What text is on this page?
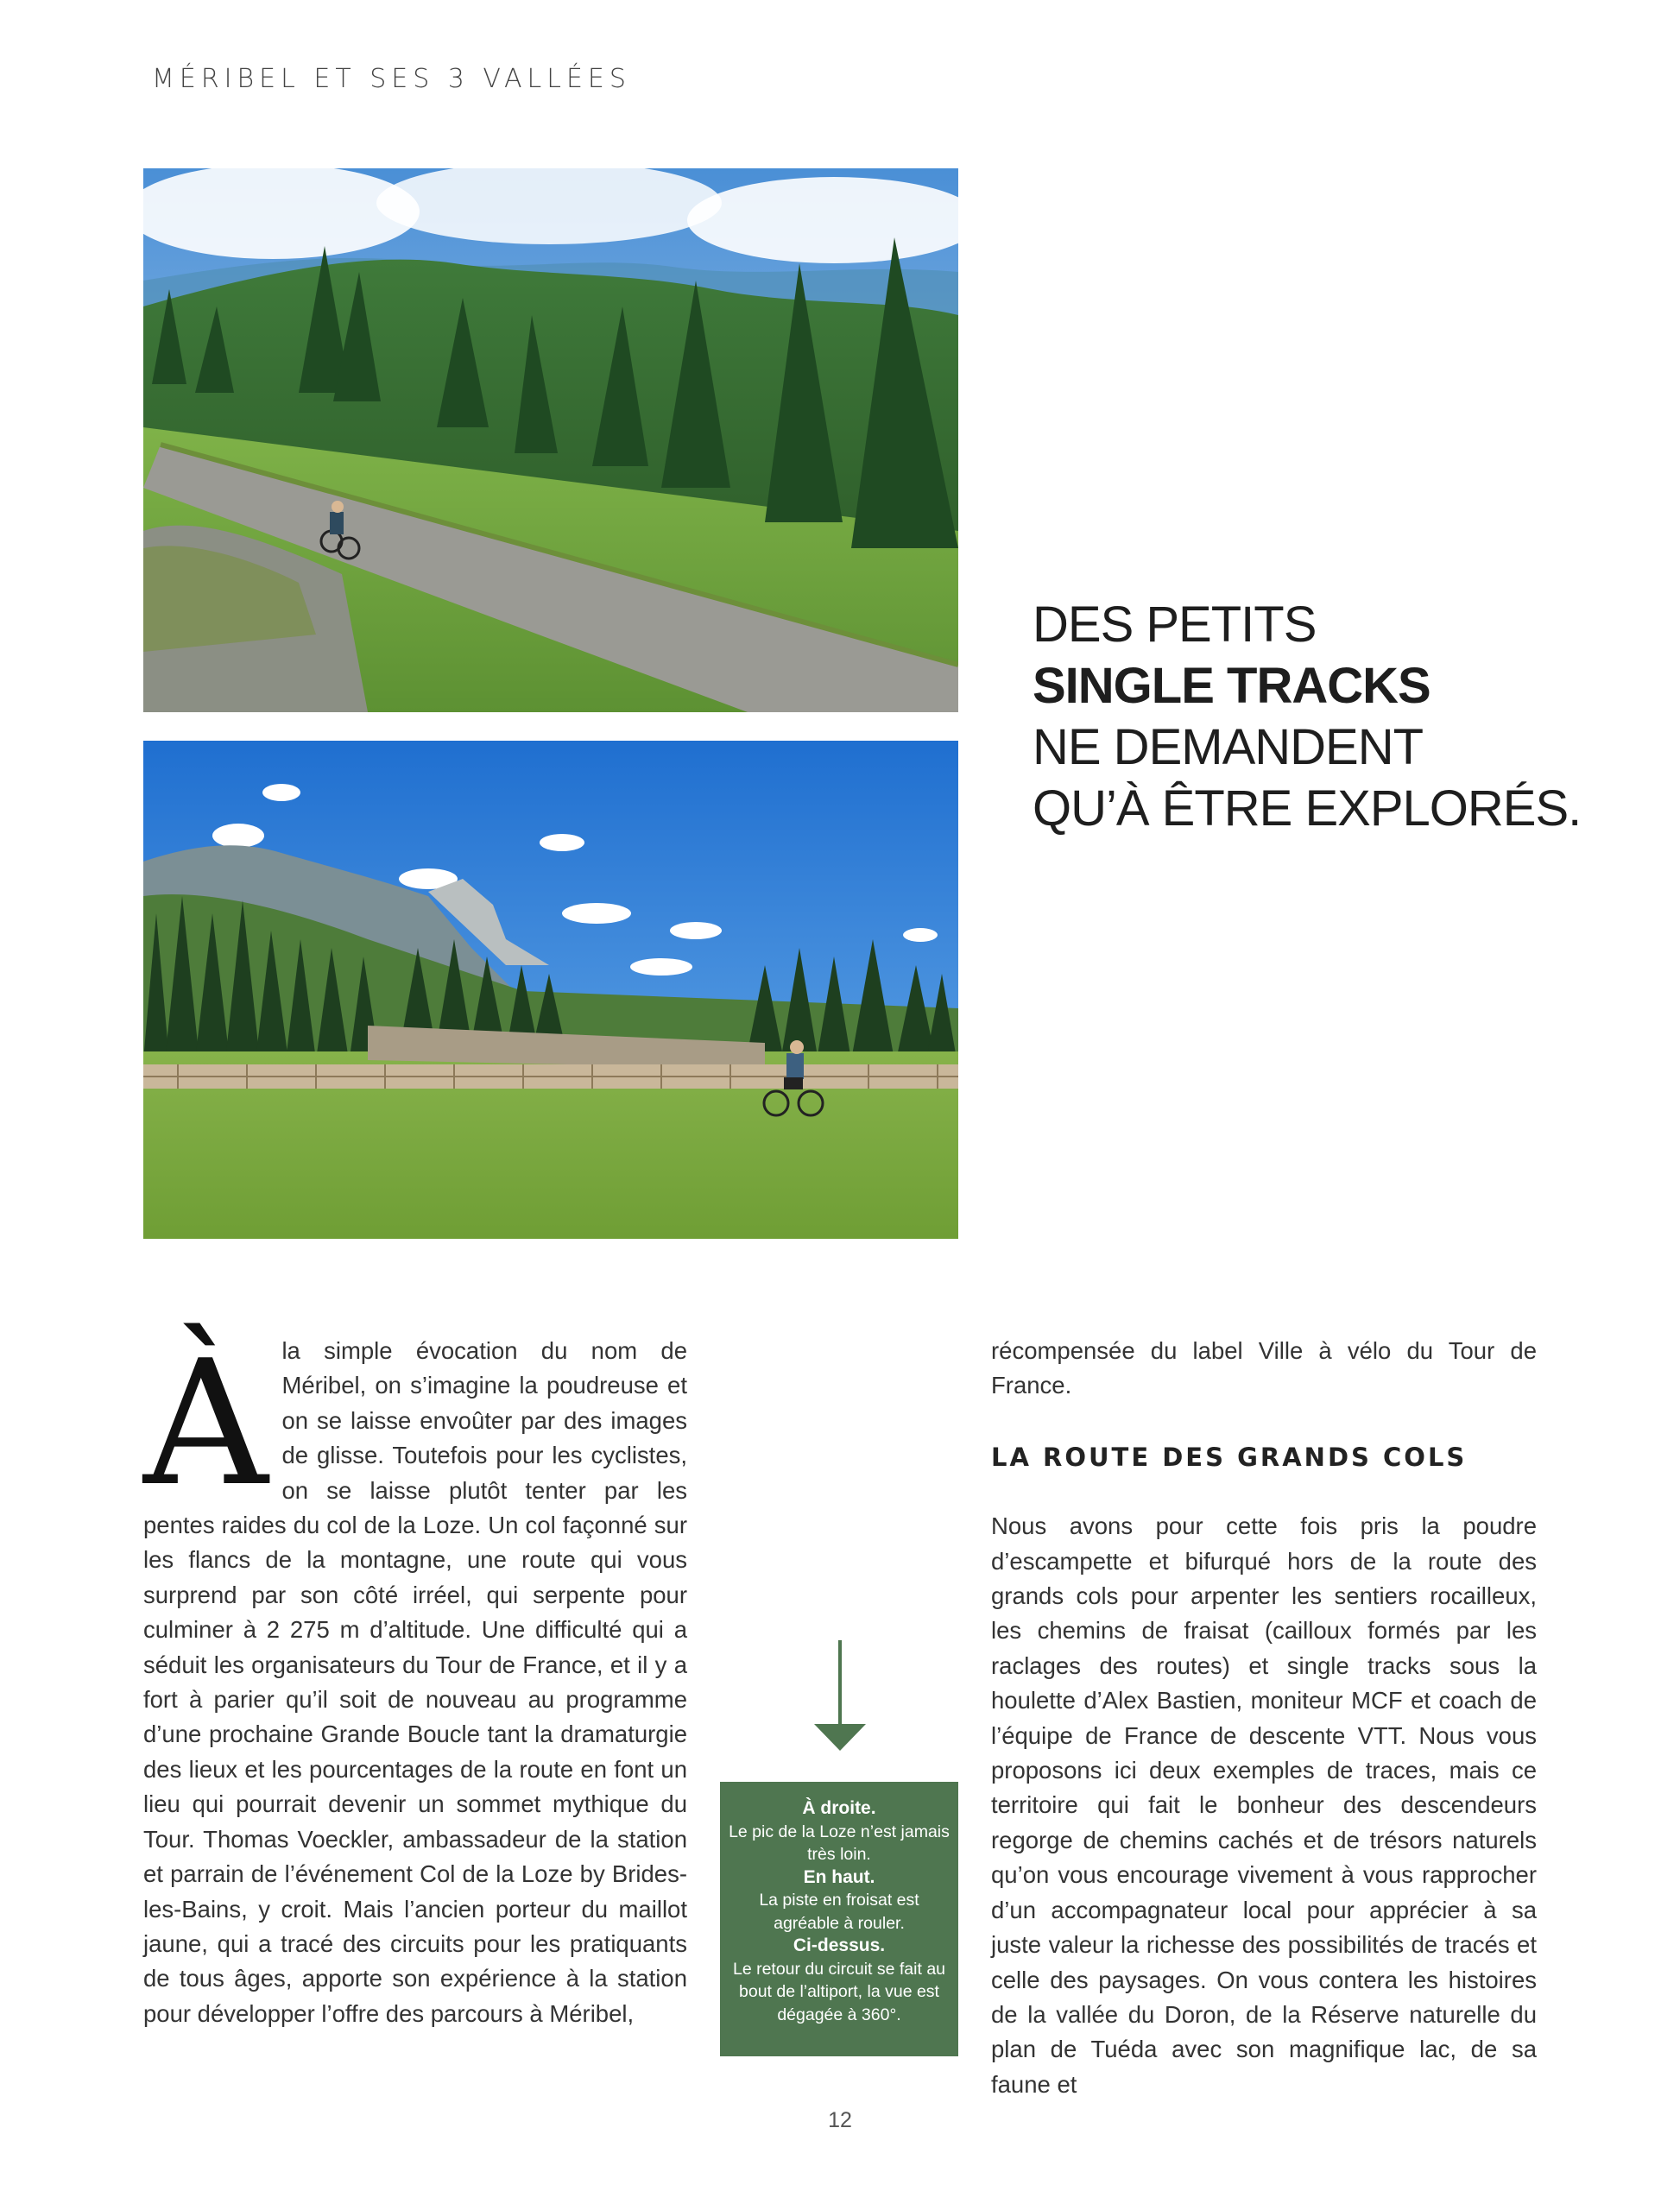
MÉRIBEL ET SES 3 VALLÉES
DES PETITS
SINGLE TRACKS
NE DEMANDENT
QU’À ÊTRE EXPLORÉS.
À la simple évocation du nom de Méribel, on s’imagine la poudreuse et on se laisse envoûter par des images de glisse. Toutefois pour les cyclistes, on se laisse plutôt tenter par les pentes raides du col de la Loze. Un col façonné sur les flancs de la montagne, une route qui vous surprend par son côté irréel, qui serpente pour culminer à 2 275 m d’altitude. Une difficulté qui a séduit les organisateurs du Tour de France, et il y a fort à parier qu’il soit de nouveau au programme d’une prochaine Grande Boucle tant la dramaturgie des lieux et les pourcentages de la route en font un lieu qui pourrait devenir un sommet mythique du Tour. Thomas Voeckler, ambassadeur de la station et parrain de l’événement Col de la Loze by Brides-les-Bains, y croit. Mais l’ancien porteur du maillot jaune, qui a tracé des circuits pour les pratiquants de tous âges, apporte son expérience à la station pour développer l’offre des parcours à Méribel,

À droite.
Le pic de la Loze n’est jamais très loin.
En haut.
La piste en froisat est agréable à rouler.
Ci-dessus.
Le retour du circuit se fait au bout de l’altiport, la vue est dégagée à 360°.

récompensée du label Ville à vélo du Tour de France.

LA ROUTE DES GRANDS COLS

Nous avons pour cette fois pris la poudre d’escampette et bifurqué hors de la route des grands cols pour arpenter les sentiers rocailleux, les chemins de fraisat (cailloux formés par les raclages des routes) et single tracks sous la houlette d’Alex Bastien, moniteur MCF et coach de l’équipe de France de descente VTT. Nous vous proposons ici deux exemples de traces, mais ce territoire qui fait le bonheur des descendeurs regorge de chemins cachés et de trésors naturels qu’on vous encourage vivement à vous rapprocher d’un accompagnateur local pour apprécier à sa juste valeur la richesse des possibilités de tracés et celle des paysages. On vous contera les histoires de la vallée du Doron, de la Réserve naturelle du plan de Tuéda avec son magnifique lac, de sa faune et

12
